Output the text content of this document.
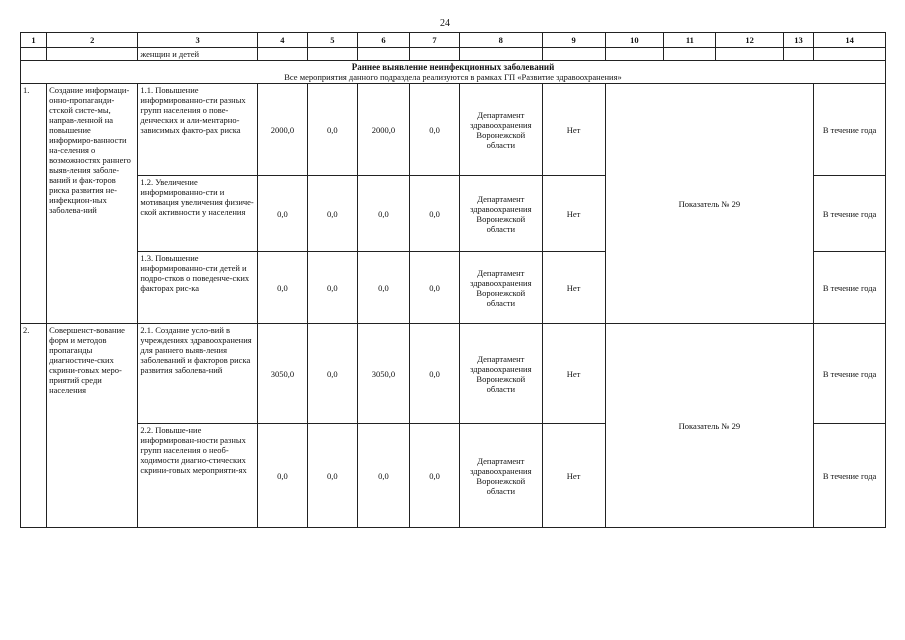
24
1	2	3	4	5	6	7	8	9	10	11	12	13	14
		женщин и детей											

Раннее выявление неинфекционных заболеваний
Все мероприятия данного подраздела реализуются в рамках ГП «Развитие здравоохранения»													

1.	Создание информаци-онно-пропаганди-стской систе-мы, направ-ленной на повышение информиро-ванности на-селения о возможностях раннего выяв-ления заболе-ваний и фак-торов риска развития не-инфекцион-ных заболева-ний	1.1. Повышение информированно-сти разных групп населения о пове-денческих и али-ментарно-зависимых факто-рах риска	2000,0	0,0	2000,0	0,0	Департамент здравоохранения Воронежской области	Нет	Показатель № 29				В течение года
		1.2. Увеличение информированно-сти и мотивация увеличения физиче-ской активности у населения	0,0	0,0	0,0	0,0	Департамент здравоохранения Воронежской области	Нет					В течение года
		1.3. Повышение информированно-сти детей и подро-стков о поведенче-ских факторах рис-ка	0,0	0,0	0,0	0,0	Департамент здравоохранения Воронежской области	Нет					В течение года
2.	Совершенст-вование форм и методов пропаганды диагностиче-ских скрини-говых меро-приятий среди населения	2.1. Создание усло-вий в учреждениях здравоохранения для раннего выяв-ления заболеваний и факторов риска развития заболева-ний	3050,0	0,0	3050,0	0,0	Департамент здравоохранения Воронежской области	Нет	Показатель № 29				В течение года
		2.2. Повыше-ние информирован-ности разных групп населения о необ-ходимости диагно-стических скрини-говых мероприяти-ях	0,0	0,0	0,0	0,0	Департамент здравоохранения Воронежской области	Нет					В течение года
